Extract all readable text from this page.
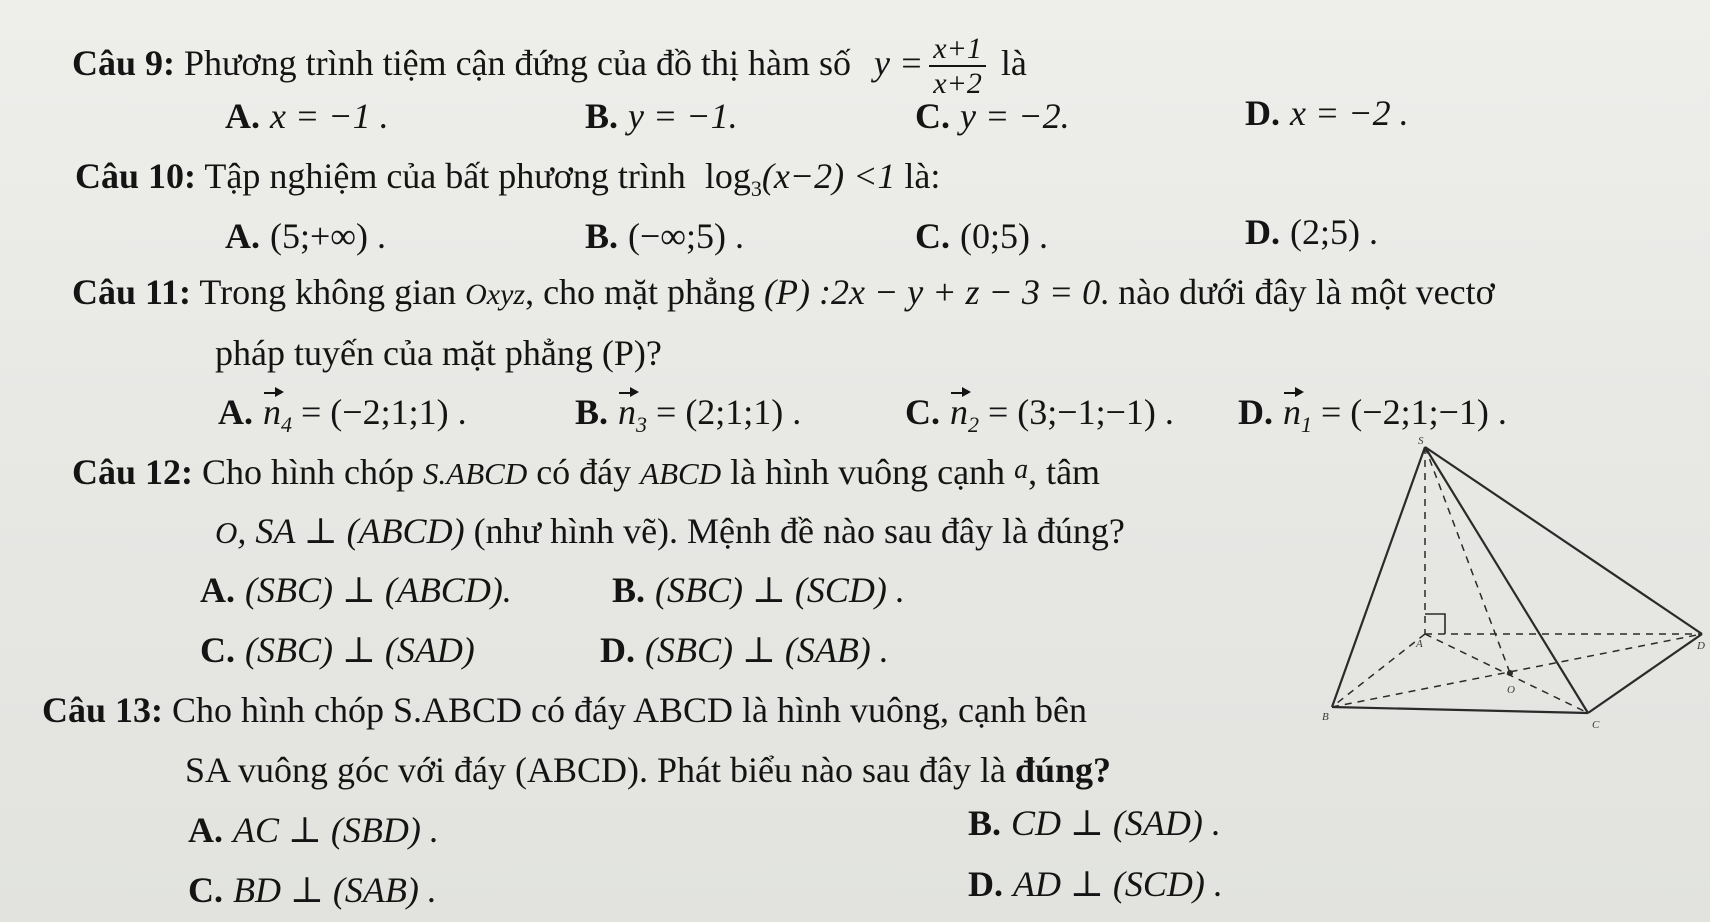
Câu 9: Phương trình tiệm cận đứng của đồ thị hàm số $y = \frac{x+1}{x+2}$ là
A. x = −1 .	B. y = −1.	C. y = −2.	D. x = −2 .
Câu 10: Tập nghiệm của bất phương trình $\log_3(x-2) <1$ là:
A. (5;+∞) .	B. (−∞;5) .	C. (0;5) .	D. (2;5) .
Câu 11: Trong không gian Oxyz, cho mặt phẳng (P) :2x − y + z − 3 = 0. nào dưới đây là một vectơ
pháp tuyến của mặt phẳng (P)?
A. $n_4$ = (−2;1;1) .	B. $n_3$ = (2;1;1) .	C. $n_2$ = (3;−1;−1) . D. $n_1$ = (−2;1;−1) .
Câu 12: Cho hình chóp S.ABCD có đáy ABCD là hình vuông cạnh a, tâm
O, SA ⊥ (ABCD) (như hình vẽ). Mệnh đề nào sau đây là đúng?
A. (SBC) ⊥ (ABCD).	B. (SBC) ⊥ (SCD) .
C. (SBC) ⊥ (SAD)	D. (SBC) ⊥ (SAB) .
S
A
B
C
D
O
Câu 13: Cho hình chóp S.ABCD có đáy ABCD là hình vuông, cạnh bên
SA vuông góc với đáy (ABCD). Phát biểu nào sau đây là đúng?
A. AC ⊥ (SBD) .	B. CD ⊥ (SAD) .
C. BD ⊥ (SAB) .	D. AD ⊥ (SCD) .
